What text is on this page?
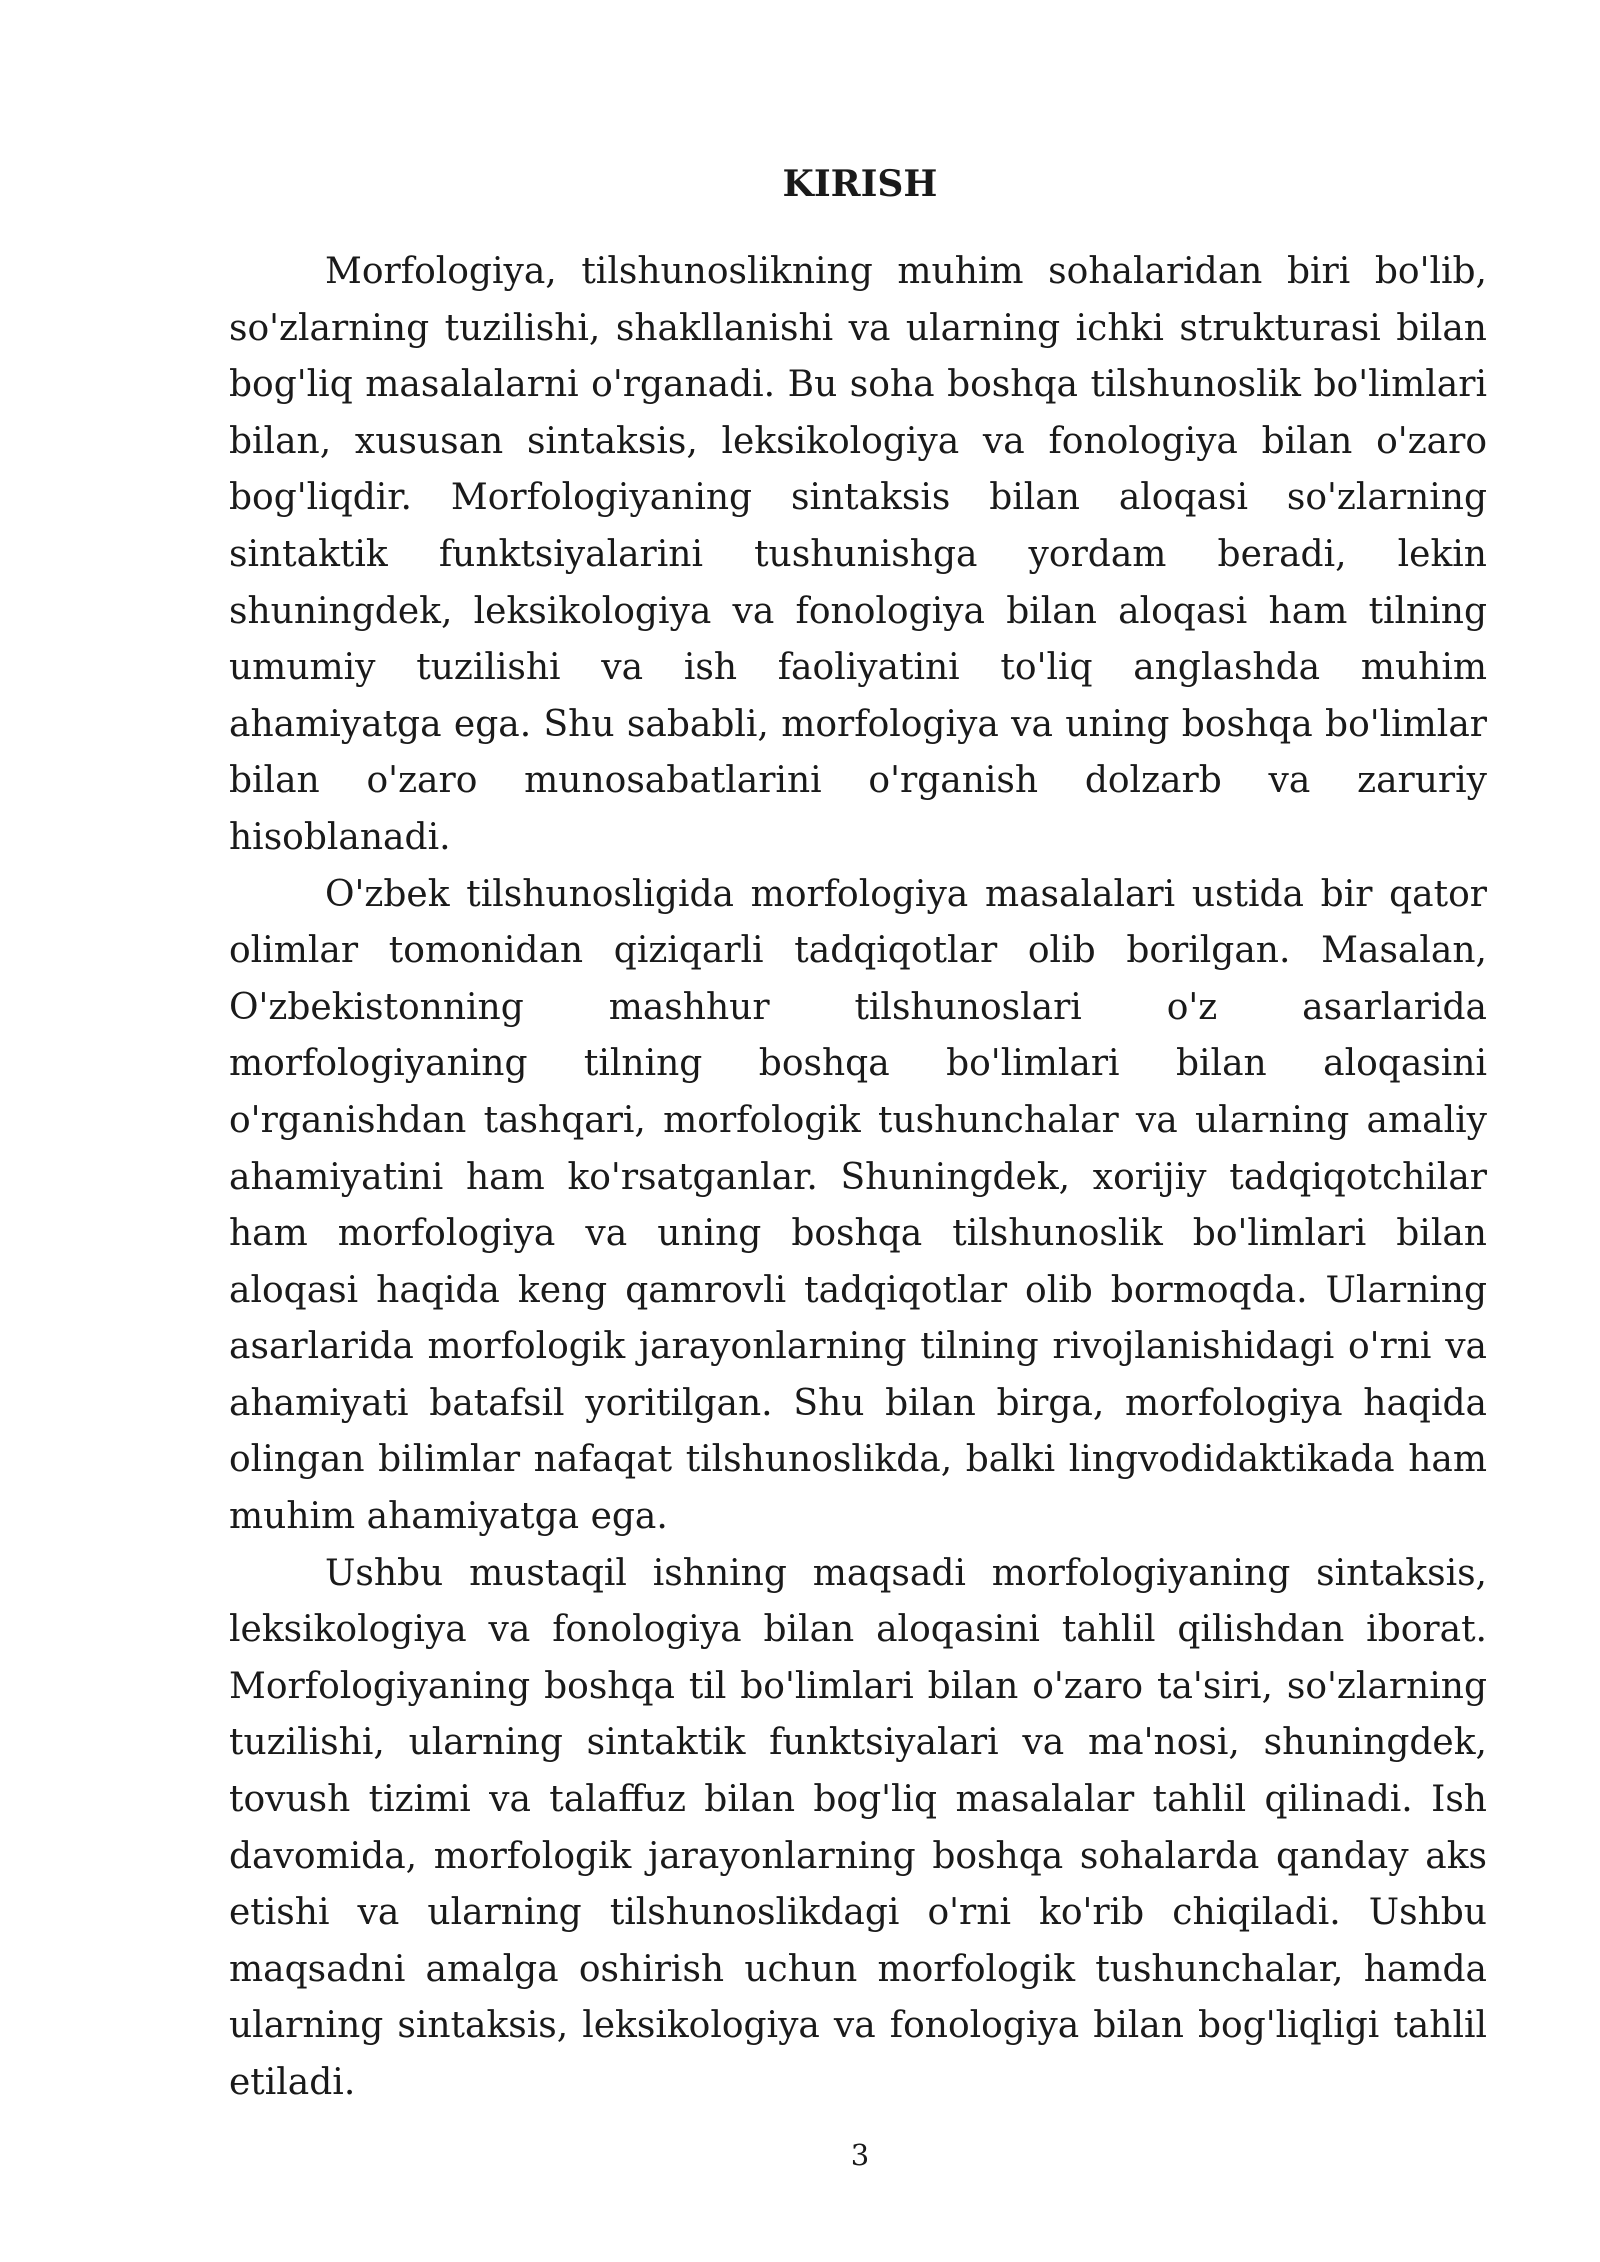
KIRISH

Morfologiya, tilshunoslikning muhim sohalaridan biri bo'lib, so'zlarning tuzilishi, shakllanishi va ularning ichki strukturasi bilan bog'liq masalalarni o'rganadi. Bu soha boshqa tilshunoslik bo'limlari bilan, xususan sintaksis, leksikologiya va fonologiya bilan o'zaro bog'liqdir. Morfologiyaning sintaksis bilan aloqasi so'zlarning sintaktik funktsiyalarini tushunishga yordam beradi, lekin shuningdek, leksikologiya va fonologiya bilan aloqasi ham tilning umumiy tuzilishi va ish faoliyatini to'liq anglashda muhim ahamiyatga ega. Shu sababli, morfologiya va uning boshqa bo'limlar bilan o'zaro munosabatlarini o'rganish dolzarb va zaruriy hisoblanadi.

O'zbek tilshunosligida morfologiya masalalari ustida bir qator olimlar tomonidan qiziqarli tadqiqotlar olib borilgan. Masalan, O'zbekistonning mashhur tilshunoslari o'z asarlarida morfologiyaning tilning boshqa bo'limlari bilan aloqasini o'rganishdan tashqari, morfologik tushunchalar va ularning amaliy ahamiyatini ham ko'rsatganlar. Shuningdek, xorijiy tadqiqotchilar ham morfologiya va uning boshqa tilshunoslik bo'limlari bilan aloqasi haqida keng qamrovli tadqiqotlar olib bormoqda. Ularning asarlarida morfologik jarayonlarning tilning rivojlanishidagi o'rni va ahamiyati batafsil yoritilgan. Shu bilan birga, morfologiya haqida olingan bilimlar nafaqat tilshunoslikda, balki lingvodidaktikada ham muhim ahamiyatga ega.

Ushbu mustaqil ishning maqsadi morfologiyaning sintaksis, leksikologiya va fonologiya bilan aloqasini tahlil qilishdan iborat. Morfologiyaning boshqa til bo'limlari bilan o'zaro ta'siri, so'zlarning tuzilishi, ularning sintaktik funktsiyalari va ma'nosi, shuningdek, tovush tizimi va talaffuz bilan bog'liq masalalar tahlil qilinadi. Ish davomida, morfologik jarayonlarning boshqa sohalarda qanday aks etishi va ularning tilshunoslikdagi o'rni ko'rib chiqiladi. Ushbu maqsadni amalga oshirish uchun morfologik tushunchalar, hamda ularning sintaksis, leksikologiya va fonologiya bilan bog'liqligi tahlil etiladi.

3
